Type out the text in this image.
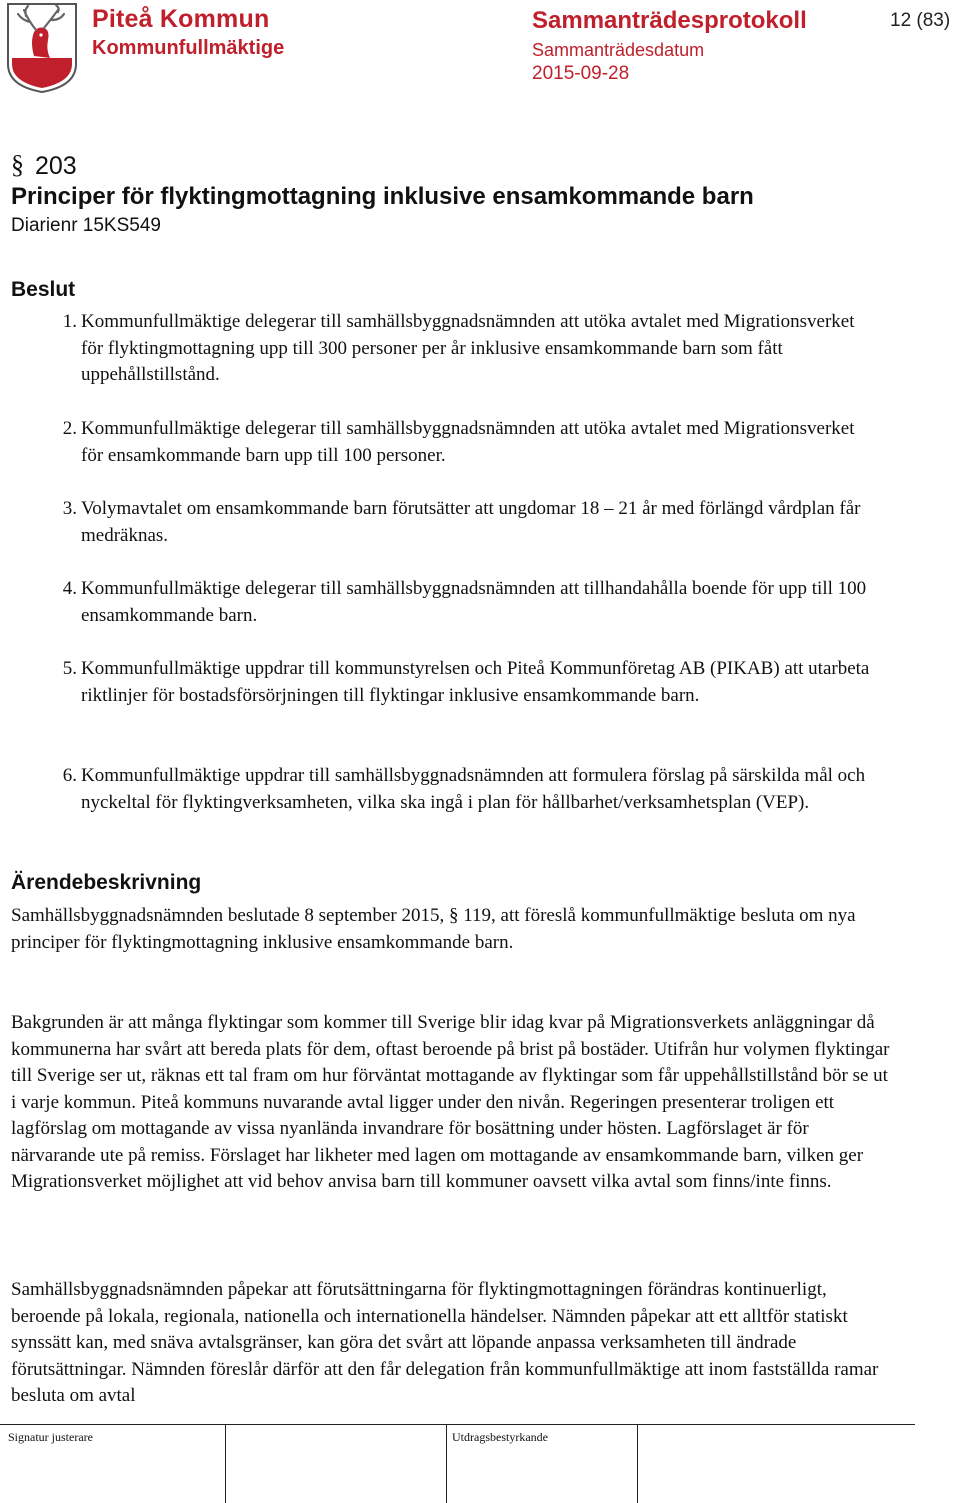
Piteå Kommun
Kommunfullmäktige
Sammanträdesprotokoll
Sammanträdesdatum
2015-09-28
12 (83)
§ 203
Principer för flyktingmottagning inklusive ensamkommande barn
Diarienr 15KS549
Beslut
1. Kommunfullmäktige delegerar till samhällsbyggnadsnämnden att utöka avtalet med Migrationsverket för flyktingmottagning upp till 300 personer per år inklusive ensamkommande barn som fått uppehållstillstånd.
2. Kommunfullmäktige delegerar till samhällsbyggnadsnämnden att utöka avtalet med Migrationsverket för ensamkommande barn upp till 100 personer.
3. Volymavtalet om ensamkommande barn förutsätter att ungdomar 18 – 21 år med förlängd vårdplan får medräknas.
4. Kommunfullmäktige delegerar till samhällsbyggnadsnämnden att tillhandahålla boende för upp till 100 ensamkommande barn.
5. Kommunfullmäktige uppdrar till kommunstyrelsen och Piteå Kommunföretag AB (PIKAB) att utarbeta riktlinjer för bostadsförsörjningen till flyktingar inklusive ensamkommande barn.
6. Kommunfullmäktige uppdrar till samhällsbyggnadsnämnden att formulera förslag på särskilda mål och nyckeltal för flyktingverksamheten, vilka ska ingå i plan för hållbarhet/verksamhetsplan (VEP).
Ärendebeskrivning
Samhällsbyggnadsnämnden beslutade 8 september 2015, § 119, att föreslå kommunfullmäktige besluta om nya principer för flyktingmottagning inklusive ensamkommande barn.
Bakgrunden är att många flyktingar som kommer till Sverige blir idag kvar på Migrationsverkets anläggningar då kommunerna har svårt att bereda plats för dem, oftast beroende på brist på bostäder. Utifrån hur volymen flyktingar till Sverige ser ut, räknas ett tal fram om hur förväntat mottagande av flyktingar som får uppehållstillstånd bör se ut i varje kommun. Piteå kommuns nuvarande avtal ligger under den nivån. Regeringen presenterar troligen ett lagförslag om mottagande av vissa nyanlända invandrare för bosättning under hösten. Lagförslaget är för närvarande ute på remiss. Förslaget har likheter med lagen om mottagande av ensamkommande barn, vilken ger Migrationsverket möjlighet att vid behov anvisa barn till kommuner oavsett vilka avtal som finns/inte finns.
Samhällsbyggnadsnämnden påpekar att förutsättningarna för flyktingmottagningen förändras kontinuerligt, beroende på lokala, regionala, nationella och internationella händelser. Nämnden påpekar att ett alltför statiskt synssätt kan, med snäva avtalsgränser, kan göra det svårt att löpande anpassa verksamheten till ändrade förutsättningar. Nämnden föreslår därför att den får delegation från kommunfullmäktige att inom fastställda ramar besluta om avtal
Signatur justerare	Utdragsbestyrkande
